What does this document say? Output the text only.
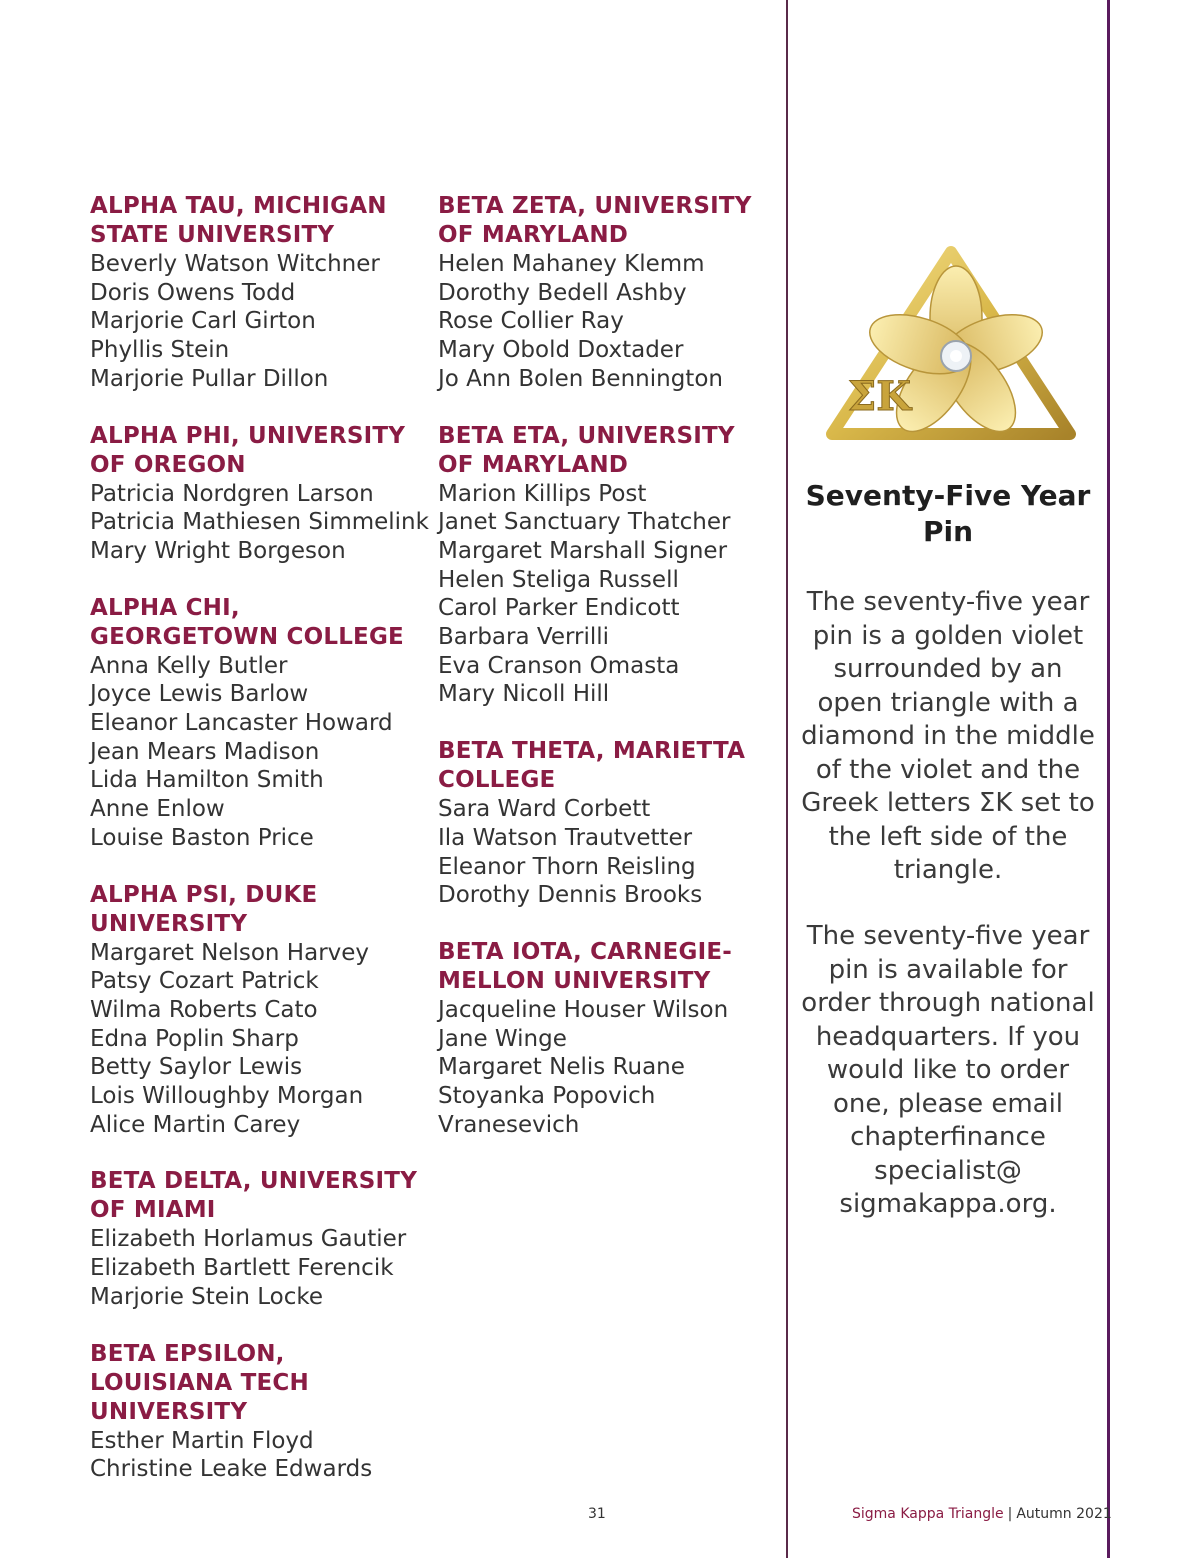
ALPHA TAU, MICHIGAN STATE UNIVERSITY
Beverly Watson Witchner
Doris Owens Todd
Marjorie Carl Girton
Phyllis Stein
Marjorie Pullar Dillon
ALPHA PHI, UNIVERSITY OF OREGON
Patricia Nordgren Larson
Patricia Mathiesen Simmelink
Mary Wright Borgeson
ALPHA CHI, GEORGETOWN COLLEGE
Anna Kelly Butler
Joyce Lewis Barlow
Eleanor Lancaster Howard
Jean Mears Madison
Lida Hamilton Smith
Anne Enlow
Louise Baston Price
ALPHA PSI, DUKE UNIVERSITY
Margaret Nelson Harvey
Patsy Cozart Patrick
Wilma Roberts Cato
Edna Poplin Sharp
Betty Saylor Lewis
Lois Willoughby Morgan
Alice Martin Carey
BETA DELTA, UNIVERSITY OF MIAMI
Elizabeth Horlamus Gautier
Elizabeth Bartlett Ferencik
Marjorie Stein Locke
BETA EPSILON, LOUISIANA TECH UNIVERSITY
Esther Martin Floyd
Christine Leake Edwards
BETA ZETA, UNIVERSITY OF MARYLAND
Helen Mahaney Klemm
Dorothy Bedell Ashby
Rose Collier Ray
Mary Obold Doxtader
Jo Ann Bolen Bennington
BETA ETA, UNIVERSITY OF MARYLAND
Marion Killips Post
Janet Sanctuary Thatcher
Margaret Marshall Signer
Helen Steliga Russell
Carol Parker Endicott
Barbara Verrilli
Eva Cranson Omasta
Mary Nicoll Hill
BETA THETA, MARIETTA COLLEGE
Sara Ward Corbett
Ila Watson Trautvetter
Eleanor Thorn Reisling
Dorothy Dennis Brooks
BETA IOTA, CARNEGIE-MELLON UNIVERSITY
Jacqueline Houser Wilson
Jane Winge
Margaret Nelis Ruane
Stoyanka Popovich
Vranesevich
ΣΚ
Seventy-Five Year Pin
The seventy-five year pin is a golden violet surrounded by an open triangle with a diamond in the middle of the violet and the Greek letters ΣΚ set to the left side of the triangle.
The seventy-five year pin is available for order through national headquarters. If you would like to order one, please email chapterfinance specialist@ sigmakappa.org.
31	Sigma Kappa Triangle | Autumn 2021
